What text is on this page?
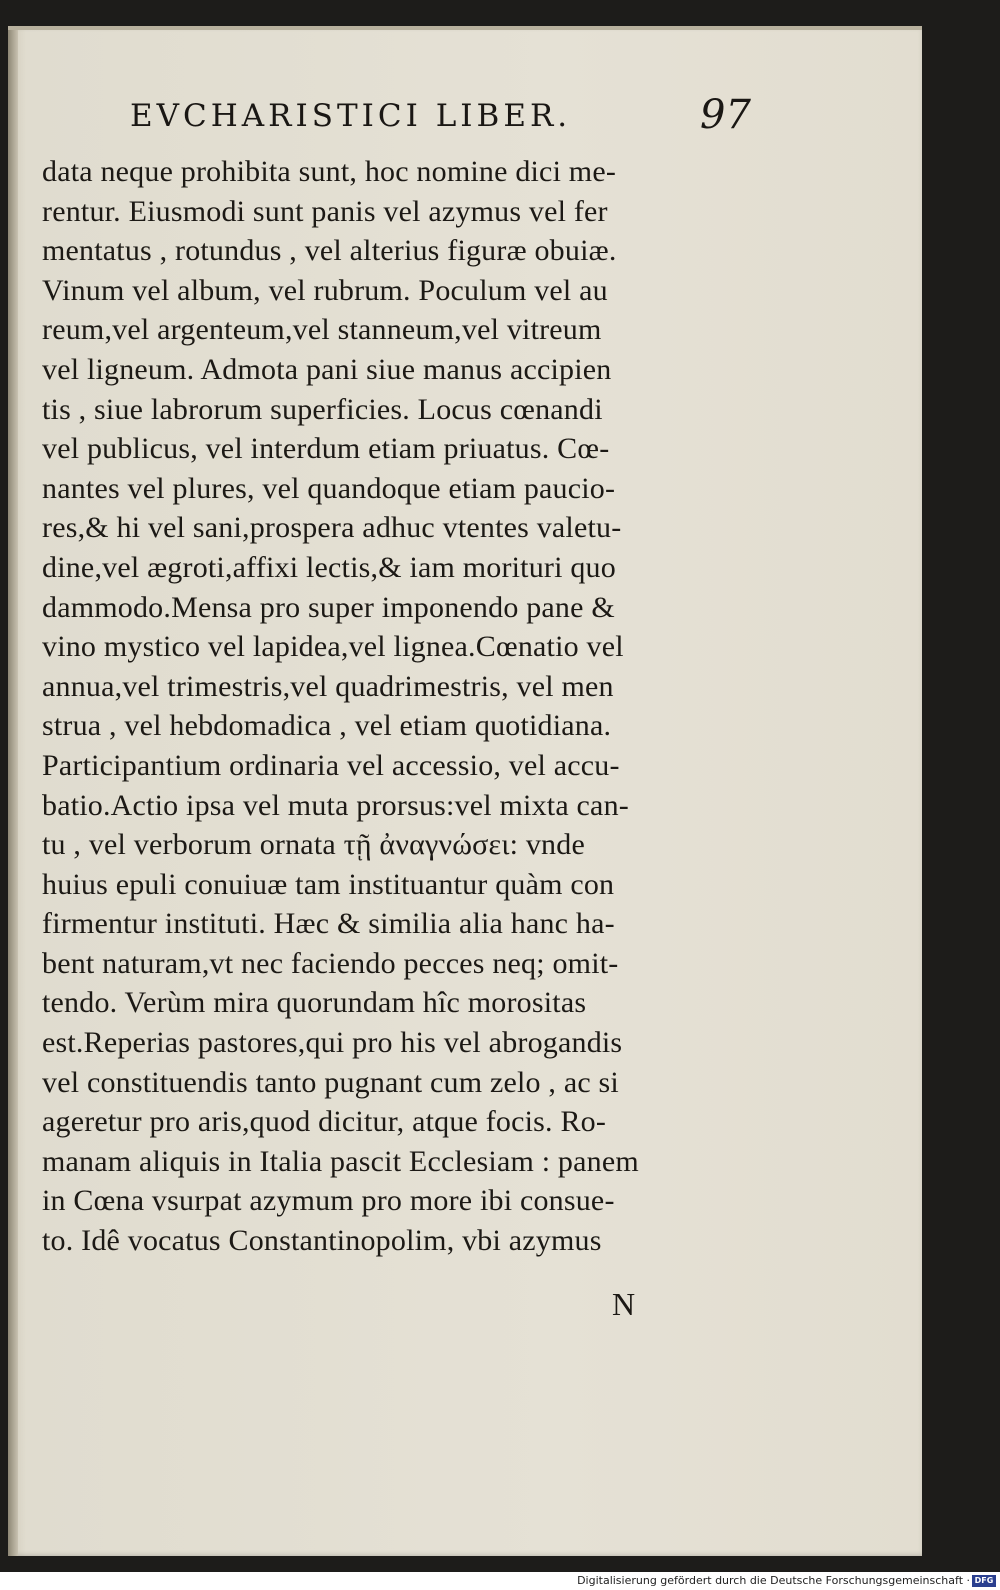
EVCHARISTICI LIBER.	97
data neque prohibita sunt, hoc nomine dici me-
rentur. Eiusmodi sunt panis vel azymus vel fer
mentatus , rotundus , vel alterius figuræ obuiæ.
Vinum vel album, vel rubrum. Poculum vel au
reum,vel argenteum,vel stanneum,vel vitreum
vel ligneum. Admota pani siue manus accipien
tis , siue labrorum superficies. Locus cœnandi
vel publicus, vel interdum etiam priuatus. Cœ-
nantes vel plures, vel quandoque etiam paucio-
res,& hi vel sani,prospera adhuc vtentes valetu-
dine,vel ægroti,affixi lectis,& iam morituri quo
dammodo.Mensa pro super imponendo pane &
vino mystico vel lapidea,vel lignea.Cœnatio vel
annua,vel trimestris,vel quadrimestris, vel men
strua , vel hebdomadica , vel etiam quotidiana.
Participantium ordinaria vel accessio, vel accu-
batio.Actio ipsa vel muta prorsus:vel mixta can-
tu , vel verborum ornata τῇ ἀναγνώσει: vnde
huius epuli conuiuæ tam instituantur quàm con
firmentur instituti. Hæc & similia alia hanc ha-
bent naturam,vt nec faciendo pecces neq; omit-
tendo. Verùm mira quorundam hîc morositas
est.Reperias pastores,qui pro his vel abrogandis
vel constituendis tanto pugnant cum zelo , ac si
ageretur pro aris,quod dicitur, atque focis. Ro-
manam aliquis in Italia pascit Ecclesiam : panem
in Cœna vsurpat azymum pro more ibi consue-
to. Idê vocatus Constantinopolim, vbi azymus
N
Digitalisierung gefördert durch die Deutsche Forschungsgemeinschaft · DFG
